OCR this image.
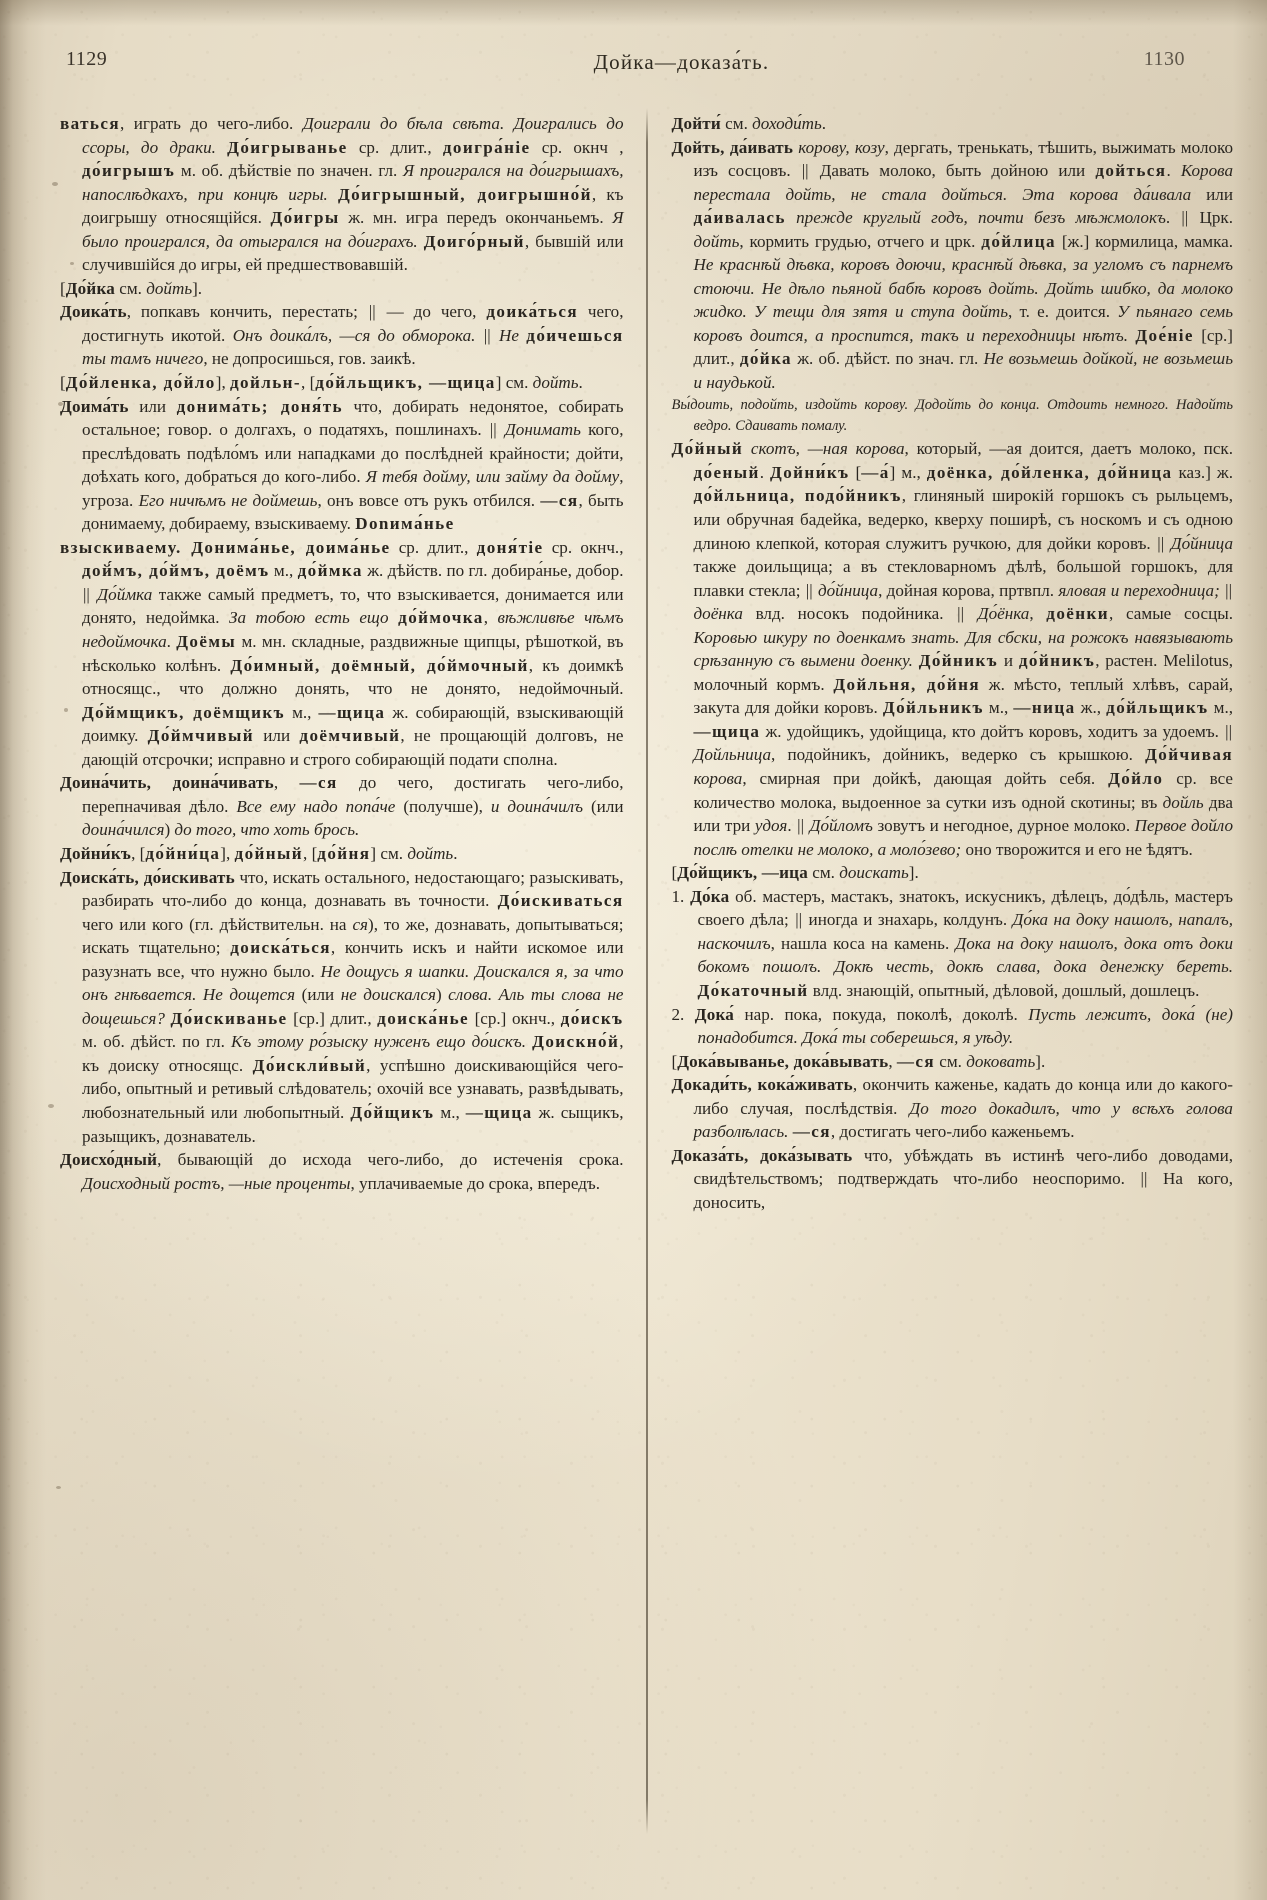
1129	Дойка—доказа́ть.	1130

ваться, играть до чего-либо. Доиграли до бѣла свѣта. Доигрались до ссоры, до драки. До́игрыванье ср. длит., доигра́ніе ср. окнч , до́игрышъ м. об. дѣйствіе по значен. гл. Я проигрался на до́игрышахъ, напослѣдкахъ, при концѣ игры. До́игрышный, доигрышно́й, къ доигрышу относящійся. До́игры ж. мн. игра передъ окончаньемъ. Я было проигрался, да отыгрался на до́игрaхъ. Доиго́рный, бывшій или случившійся до игры, ей предшествовавшій.

[До́йка см. дойть].

Доика́ть, попкавъ кончить, перестать; || — до чего, доика́ться чего, достигнуть икотой. Онъ доика́лъ, —ся до обморока. || Не до́ичешься ты тамъ ничего, не допросишься, гов. заикѣ.

[До́йленка, до́йло], дойльн-, [до́йльщикъ, —щица] см. дойть.

Доима́ть или донима́ть; доня́ть что, добирать недонятое, собирать остальное; говор. о долгахъ, о податяхъ, пошлинахъ. || Донимать кого, преслѣдовать подѣло́мъ или нападками до послѣдней крайности; дойти, доѣхать кого, добраться до кого-либо. Я тебя дойму, или займу да дойму, угроза. Его ничѣмъ не доймешь, онъ вовсе отъ рукъ отбился. —ся, быть донимаему, добираему, взыскиваему. Donима́нье

взыскиваему. Донима́нье, доима́нье ср. длит., доня́тie ср. окнч., дой́мъ, до́ймъ, доёмъ м., до́ймка ж. дѣйств. по гл. добира́нье, добор. || До́ймка также самый предметъ, то, что взыскивается, донимается или донято, недоймка. За тобою есть ещо до́ймочка, вѣжливѣе чѣмъ недоймочка. Доёмы м. мн. складные, раздвижные щипцы, рѣшоткой, въ нѣсколько колѣнъ. До́имный, доёмный, до́ймочный, къ доимкѣ относящс., что должно донять, что не донято, недоймочный. До́ймщикъ, доёмщикъ м., —щица ж. собирающій, взыскивающій доимку. До́ймчивый или доёмчивый, не прощающій долговъ, не дающій отсрочки; исправно и строго собирающій подати сполна.

Доина́чить, доина́чивать, —ся до чего, достигать чего-либо, перепначивая дѣло. Все ему надо попа́че (получше), и доина́чилъ (или доина́чился) до того, что хоть брось.

Дойни́къ, [до́йни́ца], до́йный, [до́йня] см. дойть.

Доиска́ть, до́искивать что, искать остального, недостающаго; разыскивать, разбирать что-либо до конца, дознавать въ точности. До́искиваться чего или кого (гл. дѣйствительн. на ся), то же, дознавать, допытываться; искать тщательно; доиска́ться, кончить искъ и найти искомое или разузнать все, что нужно было. Не дощусь я шапки. Доискался я, за что онъ гнѣвается. Не дощется (или не доискался) слова. Аль ты слова не дощешься? До́искиванье [ср.] длит., доиска́нье [ср.] окнч., до́искъ м. об. дѣйст. по гл. Къ этому ро́зыску нуженъ ещо до́искъ. Доискно́й, къ доиску относящс. До́искли́вый, успѣшно доискивающійся чего-либо, опытный и ретивый слѣдователь; охочій все узнавать, развѣдывать, любознательный или любопытный. До́йщикъ м., —щица ж. сыщикъ, разыщикъ, дознаватель.

Доисхо́дный, бывающій до исхода чего-либо, до истеченія срока. Доисходный ростъ, —ные проценты, уплачиваемые до срока, впередъ.

Дойти́ см. доходи́ть.

Дойть, да́ивать корову, козу, дергать, тренькать, тѣшить, выжимать молоко изъ сосцовъ. || Давать молоко, быть дойною или дойться. Корова перестала дойть, не стала дойться. Эта корова да́ивала или да́ивалась прежде круглый годъ, почти безъ мѣжмолокъ. || Црк. дойть, кормить грудью, отчего и црк. до́йлица [ж.] кормилица, мамка. Не краснѣй дѣвка, коровъ доючи, краснѣй дѣвка, за угломъ съ парнемъ стоючи. Не дѣло пьяной бабѣ коровъ дойть. Дойть шибко, да молоко жидко. У тещи для зятя и ступа дойть, т. е. доится. У пьянаго семь коровъ доится, а проспится, такъ и переходницы нѣтъ. Дое́ніе [ср.] длит., до́йка ж. об. дѣйст. по знач. гл. Не возьмешь дойкой, не возьмешь и наудькой.

Вы́доить, подойть, издойть корову. Додойть до конца. Отдоить немного. Надойть ведро. Сдаивать помалу.

До́йный скотъ, —ная корова, который, —ая доится, даетъ молоко, пск. до́еный. Дойни́къ [—а́] м., доёнка, до́йленка, до́йница каз.] ж. до́йльница, подо́йникъ, глиняный широкій горшокъ съ рыльцемъ, или обручная бадейка, ведерко, кверху поширѣ, съ носкомъ и съ одною длиною клепкой, которая служитъ ручкою, для дойки коровъ. || До́йница также доильщица; а въ стекловарномъ дѣлѣ, большой горшокъ, для плавки стекла; || до́йница, дойная корова, пртвпл. яловая и переходница; || доёнка влд. носокъ подойника. || До́ёнка, доёнки, самые сосцы. Коровью шкуру по доенкамъ знать. Для сбски, на рожокъ навязывають срѣзанную съ вымени доенку. До́йникъ и до́йникъ, растен. Melilotus, молочный кормъ. Дойльня, до́йня ж. мѣсто, теплый хлѣвъ, сарай, закута для дойки коровъ. До́йльникъ м., —ница ж., до́йльщикъ м., —щица ж. удойщикъ, удойщица, кто дойтъ коровъ, ходитъ за удоемъ. || Дойльница, подойникъ, дойникъ, ведерко съ крышкою. До́йчивая корова, смирная при дойкѣ, дающая дойть себя. До́йло ср. все количество молока, выдоенное за сутки изъ одной скотины; въ дойль два или три удоя. || До́йломъ зовутъ и негодное, дурное молоко. Первое дойло послѣ отелки не молоко, а моло́зево; оно творожится и его не ѣдятъ.

[До́йщикъ, —ица см. доискать].

1. До́ка об. мастеръ, мастакъ, знатокъ, искусникъ, дѣлецъ, до́дѣль, мастеръ своего дѣла; || иногда и знахарь, колдунъ. До́ка на доку нашолъ, напалъ, наскочилъ, нашла коса на камень. Дока на доку нашолъ, дока отъ доки бокомъ пошолъ. Докѣ честь, докѣ слава, дока денежку береть. До́каточный влд. знающій, опытный, дѣловой, дошлый, дошлецъ.

2. Дока́ нар. пока, покуда, поколѣ, доколѣ. Пусть лежитъ, дока́ (не) понадобится. Дока́ ты соберешься, я уѣду.

[Дока́выванье, дока́вывать, —ся см. доковать].

Докади́ть, кока́живать, окончить каженье, кадать до конца или до какого-либо случая, послѣдствія. До того докадилъ, что у всѣхъ голова разболѣлась. —ся, достигать чего-либо каженьемъ.

Доказа́ть, дока́зывать что, убѣждать въ истинѣ чего-либо доводами, свидѣтельствомъ; подтверждать что-либо неоспоримо. || На кого, доносить,
